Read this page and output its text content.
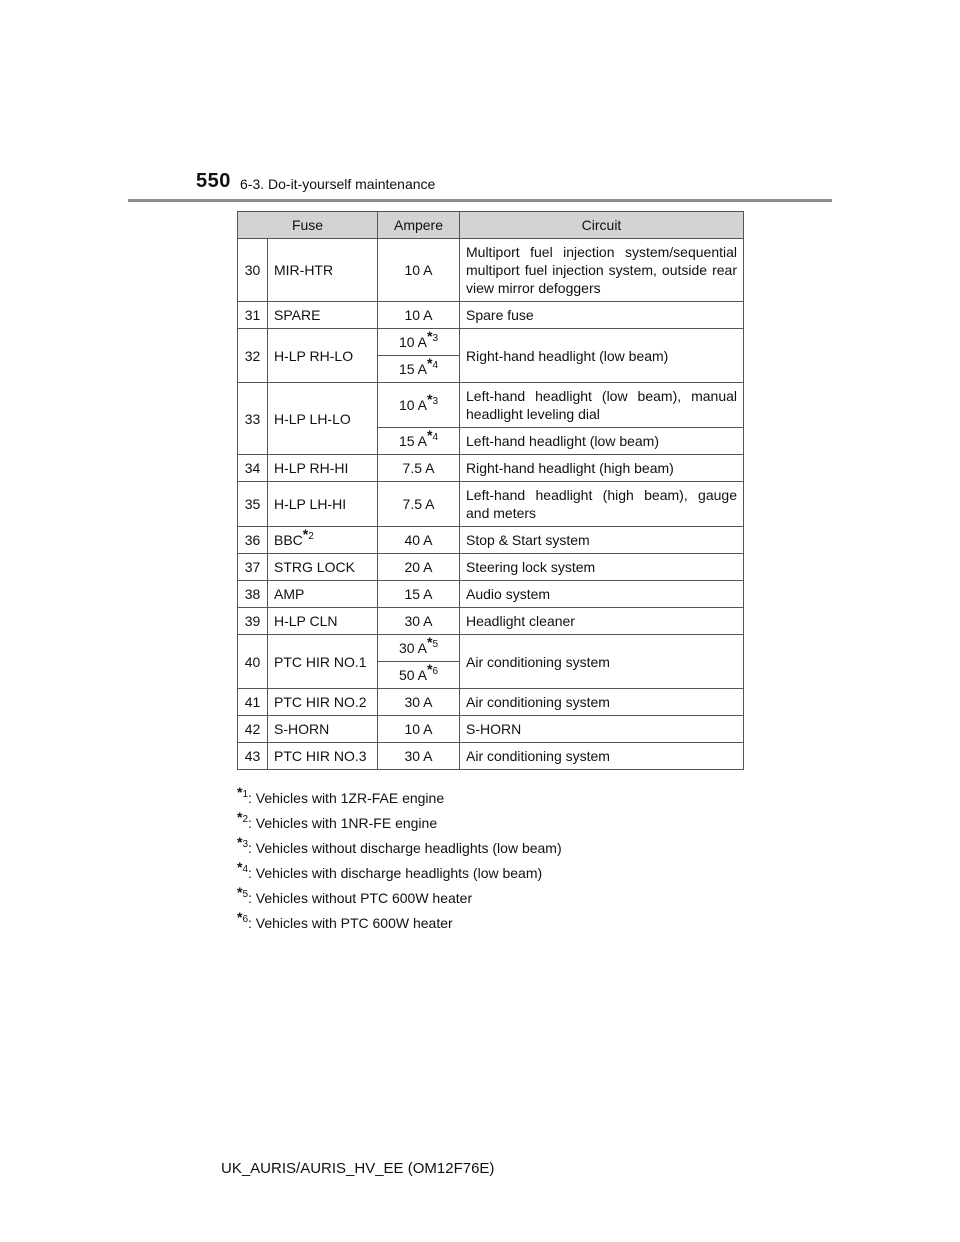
550 6-3. Do-it-yourself maintenance
Fuse		Ampere	Circuit
30	MIR-HTR	10 A	Multiport fuel injection system/sequential multiport fuel injection system, outside rear view mirror defoggers
31	SPARE	10 A	Spare fuse
32	H-LP RH-LO	10 $A^{*3}$	Right-hand headlight (low beam)
		15 $A^{*4}$
33	H-LP LH-LO	10 $A^{*3}$	Left-hand headlight (low beam), manual headlight leveling dial
		15 $A^{*4}$	Left-hand headlight (low beam)
34	H-LP RH-HI	7.5 A	Right-hand headlight (high beam)
35	H-LP LH-HI	7.5 A	Left-hand headlight (high beam), gauge and meters
36	BBC$^{*2}$	40 A	Stop & Start system
37	STRG LOCK	20 A	Steering lock system
38	AMP	15 A	Audio system
39	H-LP CLN	30 A	Headlight cleaner
40	PTC HIR NO.1	30 $A^{*5}$	Air conditioning system
		50 $A^{*6}$
41	PTC HIR NO.2	30 A	Air conditioning system
42	S-HORN	10 A	S-HORN
43	PTC HIR NO.3	30 A	Air conditioning system
$^{*1}$: Vehicles with 1ZR-FAE engine
$^{*2}$: Vehicles with 1NR-FE engine
$^{*3}$: Vehicles without discharge headlights (low beam)
$^{*4}$: Vehicles with discharge headlights (low beam)
$^{*5}$: Vehicles without PTC 600W heater
$^{*6}$: Vehicles with PTC 600W heater
UK_AURIS/AURIS_HV_EE (OM12F76E)
